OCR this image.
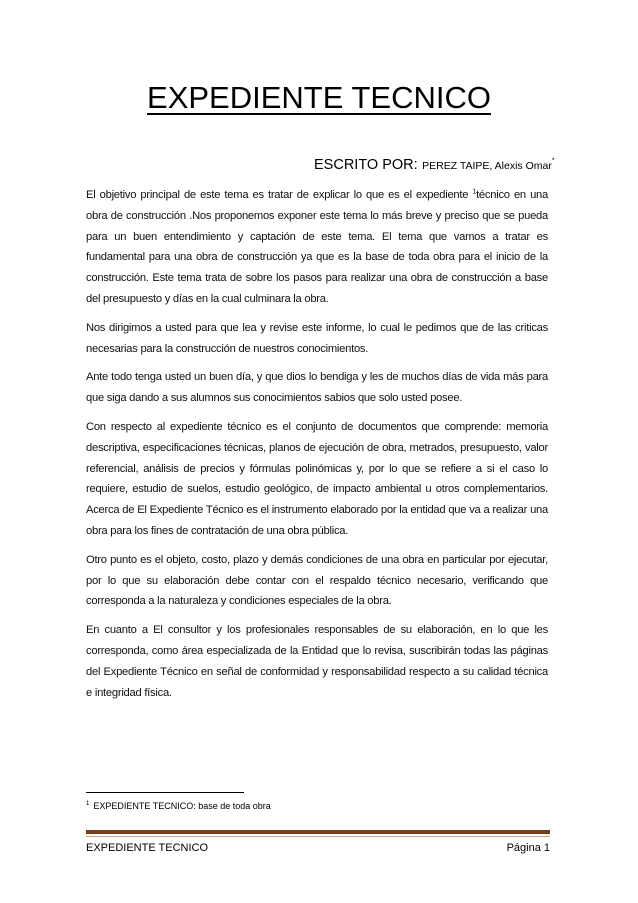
EXPEDIENTE TECNICO
ESCRITO POR: PEREZ TAIPE, Alexis Omar*

El objetivo principal de este tema es tratar de explicar lo que es el expediente $^1$técnico en una obra de construcción .Nos proponemos exponer este tema lo más breve y preciso que se pueda para un buen entendimiento y captación de este tema. El tema que vamos a tratar es fundamental para una obra de construcción ya que es la base de toda obra para el inicio de la construcción. Este tema trata de sobre los pasos para realizar una obra de construcción a base del presupuesto y días en la cual culminara la obra.

Nos dirigimos a usted para que lea y revise este informe, lo cual le pedimos que de las criticas necesarias para la construcción de nuestros conocimientos.

Ante todo tenga usted un buen día, y que dios lo bendiga y les de muchos días de vida más para que siga dando a sus alumnos sus conocimientos sabios que solo usted posee.

Con respecto al expediente técnico es el conjunto de documentos que comprende: memoria descriptiva, especificaciones técnicas, planos de ejecución de obra, metrados, presupuesto, valor referencial, análisis de precios y fórmulas polinómicas y, por lo que se refiere a si el caso lo requiere, estudio de suelos, estudio geológico, de impacto ambiental u otros complementarios. Acerca de El Expediente Técnico es el instrumento elaborado por la entidad que va a realizar una obra para los fines de contratación de una obra pública.

Otro punto es el objeto, costo, plazo y demás condiciones de una obra en particular por ejecutar, por lo que su elaboración debe contar con el respaldo técnico necesario, verificando que corresponda a la naturaleza y condiciones especiales de la obra.

En cuanto a El consultor y los profesionales responsables de su elaboración, en lo que les corresponda, como área especializada de la Entidad que lo revisa, suscribirán todas las páginas del Expediente Técnico en señal de conformidad y responsabilidad respecto a su calidad técnica e integridad física.

$^1$ EXPEDIENTE TECNICO: base de toda obra
EXPEDIENTE TECNICO	Página 1
